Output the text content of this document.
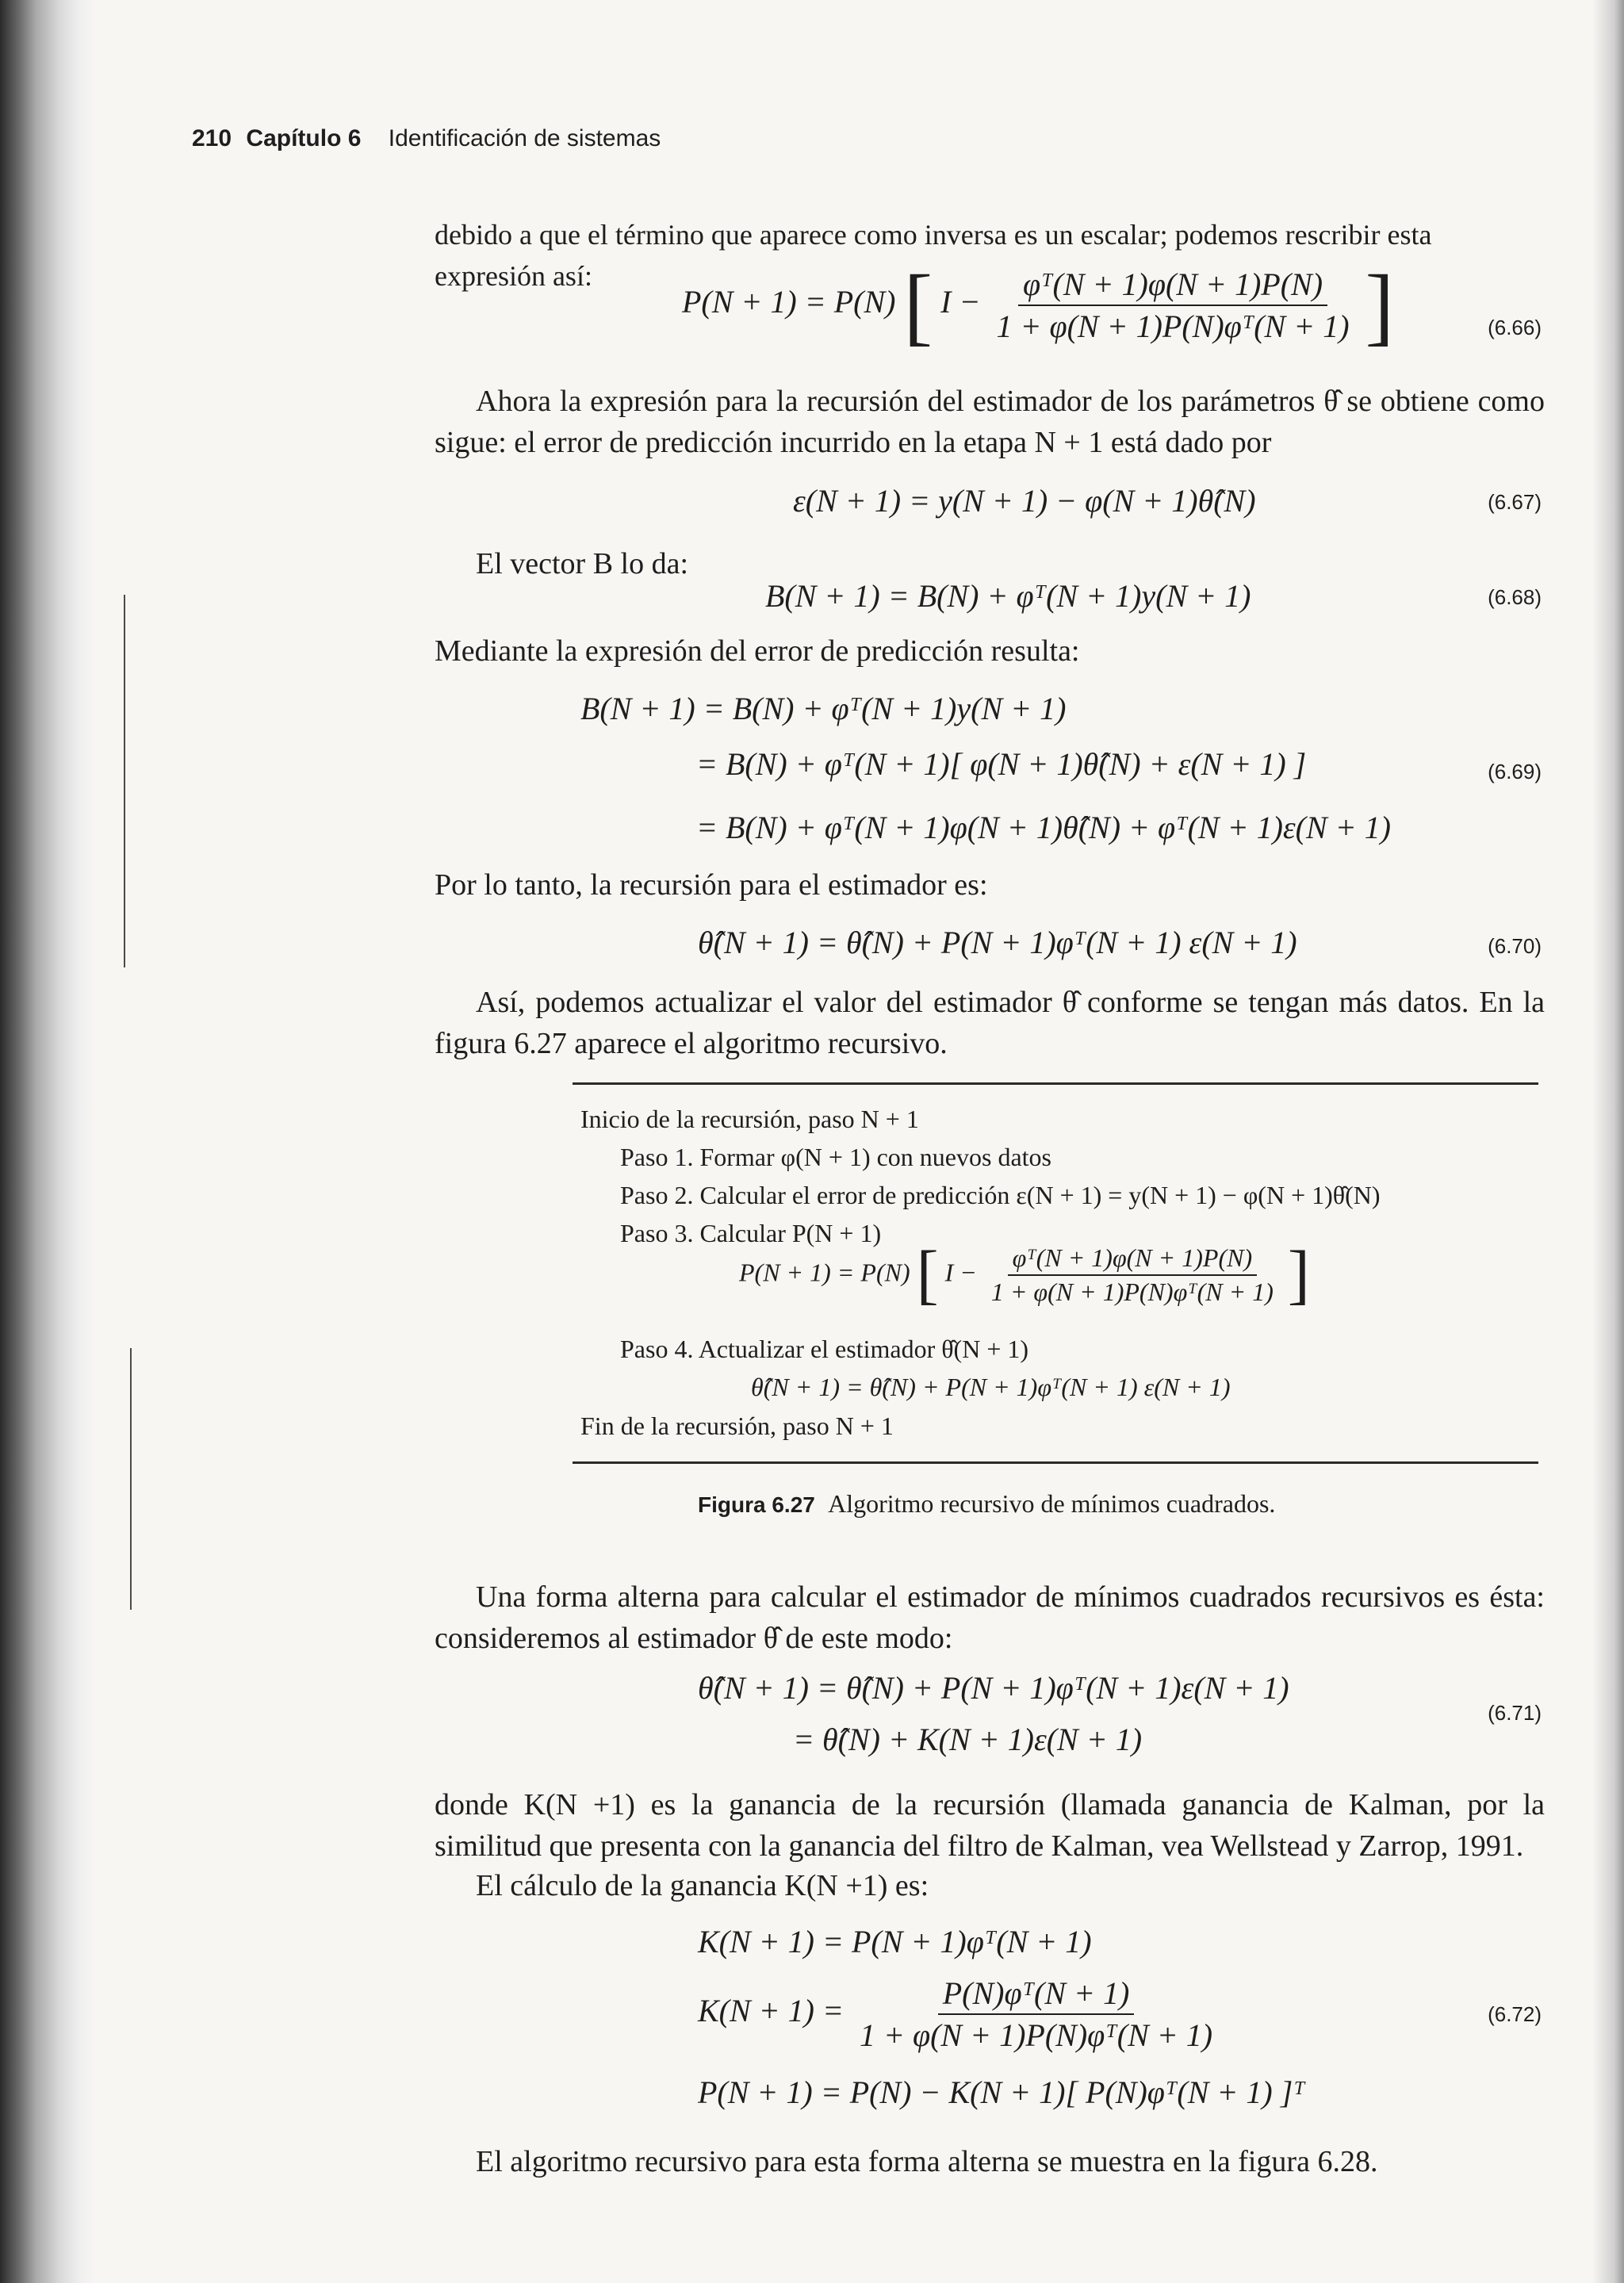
210 Capítulo 6 Identificación de sistemas

debido a que el término que aparece como inversa es un escalar; podemos rescribir esta expresión así:

P(N + 1) = P(N) [ $I - \frac{\text{φᵀ(N + 1)φ(N + 1)P(N)}}{\text{1 + φ(N + 1)P(N)φᵀ(N + 1)}}$ ]	(6.66)

Ahora la expresión para la recursión del estimador de los parámetros θ̂ se obtiene como sigue: el error de predicción incurrido en la etapa N + 1 está dado por

ε(N + 1) = y(N + 1) − φ(N + 1)θ̂(N)	(6.67)

El vector B lo da:

B(N + 1) = B(N) + φᵀ(N + 1)y(N + 1)	(6.68)

Mediante la expresión del error de predicción resulta:

B(N + 1) = B(N) + φᵀ(N + 1)y(N + 1)
= B(N) + φᵀ(N + 1)[ φ(N + 1)θ̂(N) + ε(N + 1) ]
= B(N) + φᵀ(N + 1)φ(N + 1)θ̂(N) + φᵀ(N + 1)ε(N + 1)
(6.69)

Por lo tanto, la recursión para el estimador es:

θ̂(N + 1) = θ̂(N) + P(N + 1)φᵀ(N + 1) ε(N + 1)	(6.70)

Así, podemos actualizar el valor del estimador θ̂ conforme se tengan más datos. En la figura 6.27 aparece el algoritmo recursivo.

Inicio de la recursión, paso N + 1
Paso 1. Formar φ(N + 1) con nuevos datos
Paso 2. Calcular el error de predicción ε(N + 1) = y(N + 1) − φ(N + 1)θ̂(N)
Paso 3. Calcular P(N + 1)
P(N + 1) = P(N) [ $I - \frac{\text{φᵀ(N + 1)φ(N + 1)P(N)}}{\text{1 + φ(N + 1)P(N)φᵀ(N + 1)}}$ ]
Paso 4. Actualizar el estimador θ̂(N + 1)
θ̂(N + 1) = θ̂(N) + P(N + 1)φᵀ(N + 1) ε(N + 1)
Fin de la recursión, paso N + 1
Figura 6.27 Algoritmo recursivo de mínimos cuadrados.

Una forma alterna para calcular el estimador de mínimos cuadrados recursivos es ésta: consideremos al estimador θ̂ de este modo:

θ̂(N + 1) = θ̂(N) + P(N + 1)φᵀ(N + 1)ε(N + 1)
= θ̂(N) + K(N + 1)ε(N + 1)
(6.71)

donde K(N +1) es la ganancia de la recursión (llamada ganancia de Kalman, por la similitud que presenta con la ganancia del filtro de Kalman, vea Wellstead y Zarrop, 1991.

El cálculo de la ganancia K(N +1) es:

K(N + 1) = P(N + 1)φᵀ(N + 1)
$K(N + 1) = \frac{\text{P(N)φᵀ(N + 1)}}{\text{1 + φ(N + 1)P(N)φᵀ(N + 1)}}$
P(N + 1) = P(N) − K(N + 1)[ P(N)φᵀ(N + 1) ]ᵀ
(6.72)

El algoritmo recursivo para esta forma alterna se muestra en la figura 6.28.
